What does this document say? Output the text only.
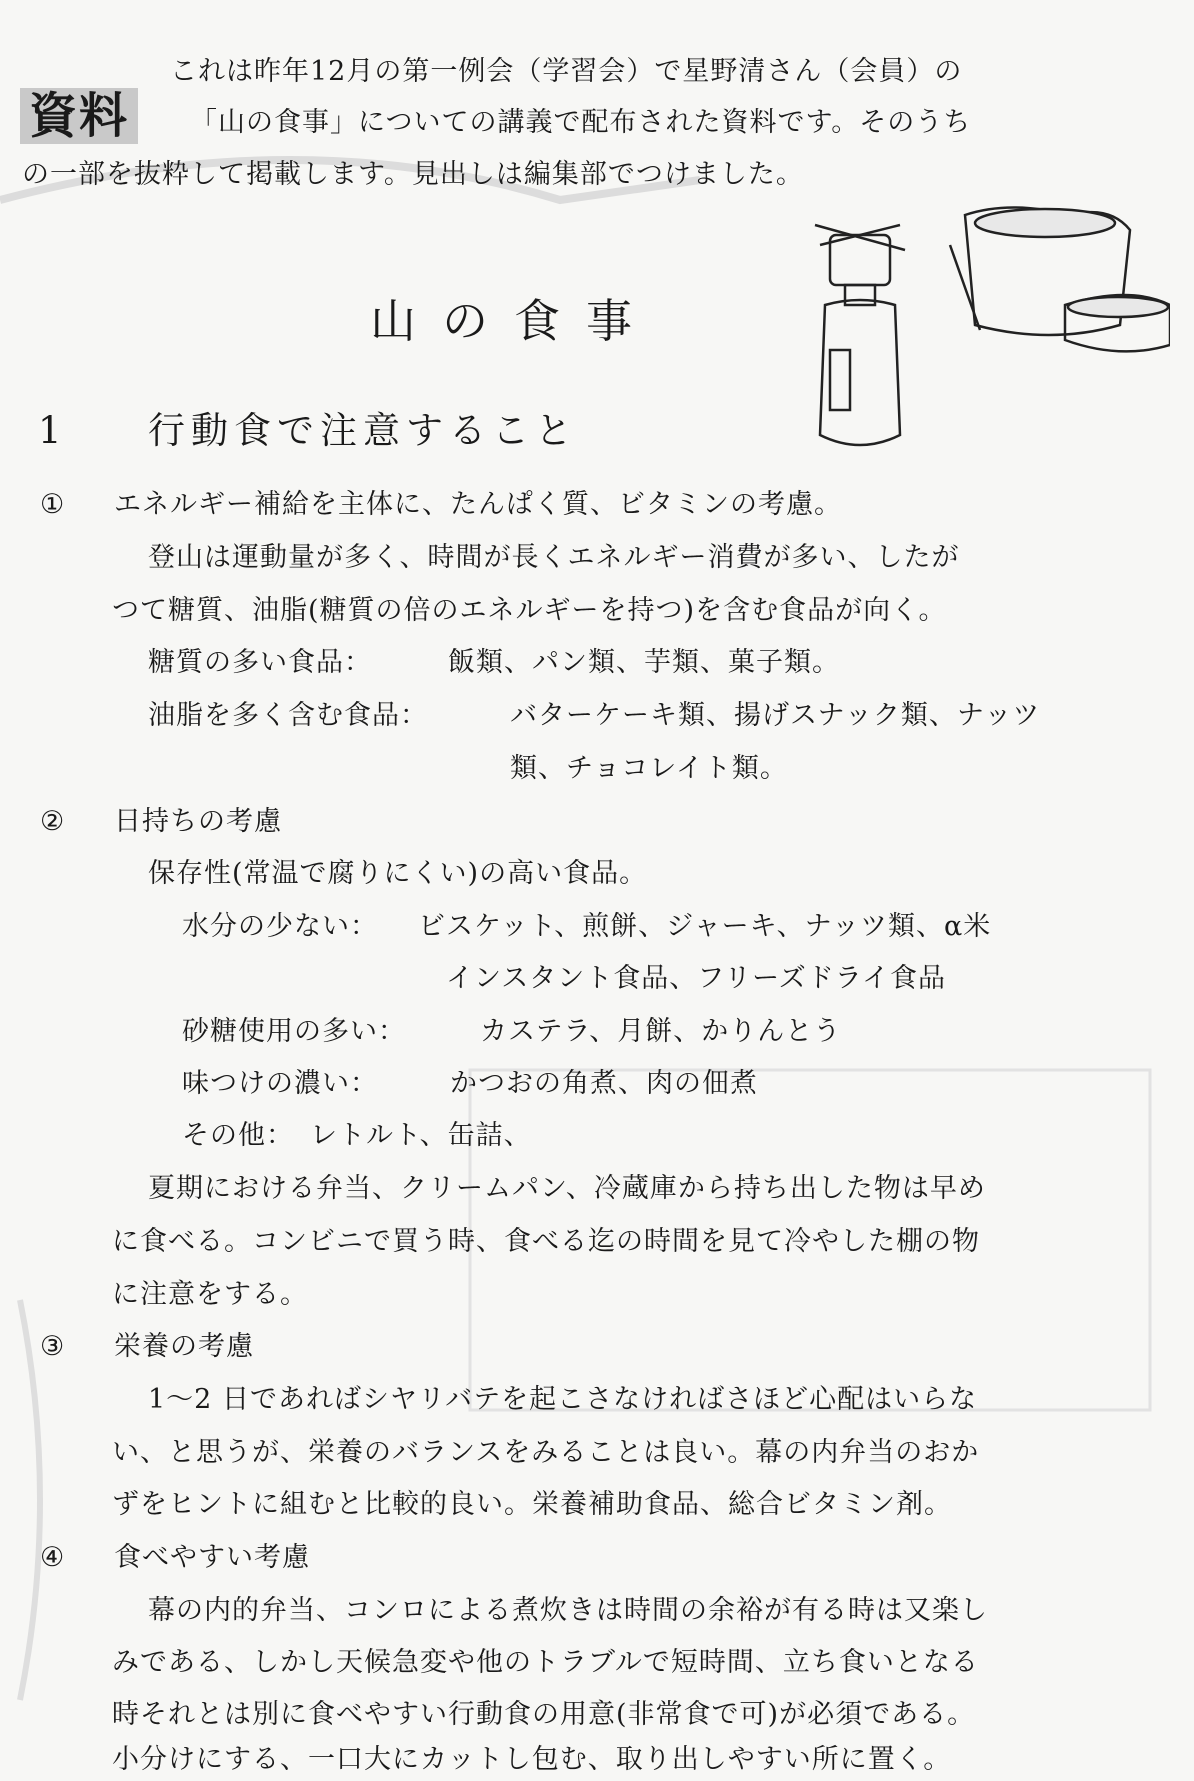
資料
これは昨年12月の第一例会（学習会）で星野清さん（会員）の
「山の食事」についての講義で配布された資料です。そのうち
の一部を抜粋して掲載します。見出しは編集部でつけました。
山の食事
1 行動食で注意すること
① エネルギー補給を主体に、たんぱく質、ビタミンの考慮。
登山は運動量が多く、時間が長くエネルギー消費が多い、したが
つて糖質、油脂(糖質の倍のエネルギーを持つ)を含む食品が向く。
糖質の多い食品：	飯類、パン類、芋類、菓子類。
油脂を多く含む食品：	バターケーキ類、揚げスナック類、ナッツ
類、チョコレイト類。
② 日持ちの考慮
保存性(常温で腐りにくい)の高い食品。
水分の少ない： ビスケット、煎餅、ジャーキ、ナッツ類、α米
インスタント食品、フリーズドライ食品
砂糖使用の多い：	カステラ、月餅、かりんとう
味つけの濃い：	かつおの角煮、肉の佃煮
その他： レトルト、缶詰、
夏期における弁当、クリームパン、冷蔵庫から持ち出した物は早め
に食べる。コンビニで買う時、食べる迄の時間を見て冷やした棚の物
に注意をする。
③ 栄養の考慮
1～2 日であればシヤリバテを起こさなければさほど心配はいらな
い、と思うが、栄養のバランスをみることは良い。幕の内弁当のおか
ずをヒントに組むと比較的良い。栄養補助食品、総合ビタミン剤。
④ 食べやすい考慮
幕の内的弁当、コンロによる煮炊きは時間の余裕が有る時は又楽し
みである、しかし天候急変や他のトラブルで短時間、立ち食いとなる
時それとは別に食べやすい行動食の用意(非常食で可)が必須である。
小分けにする、一口大にカットし包む、取り出しやすい所に置く。
